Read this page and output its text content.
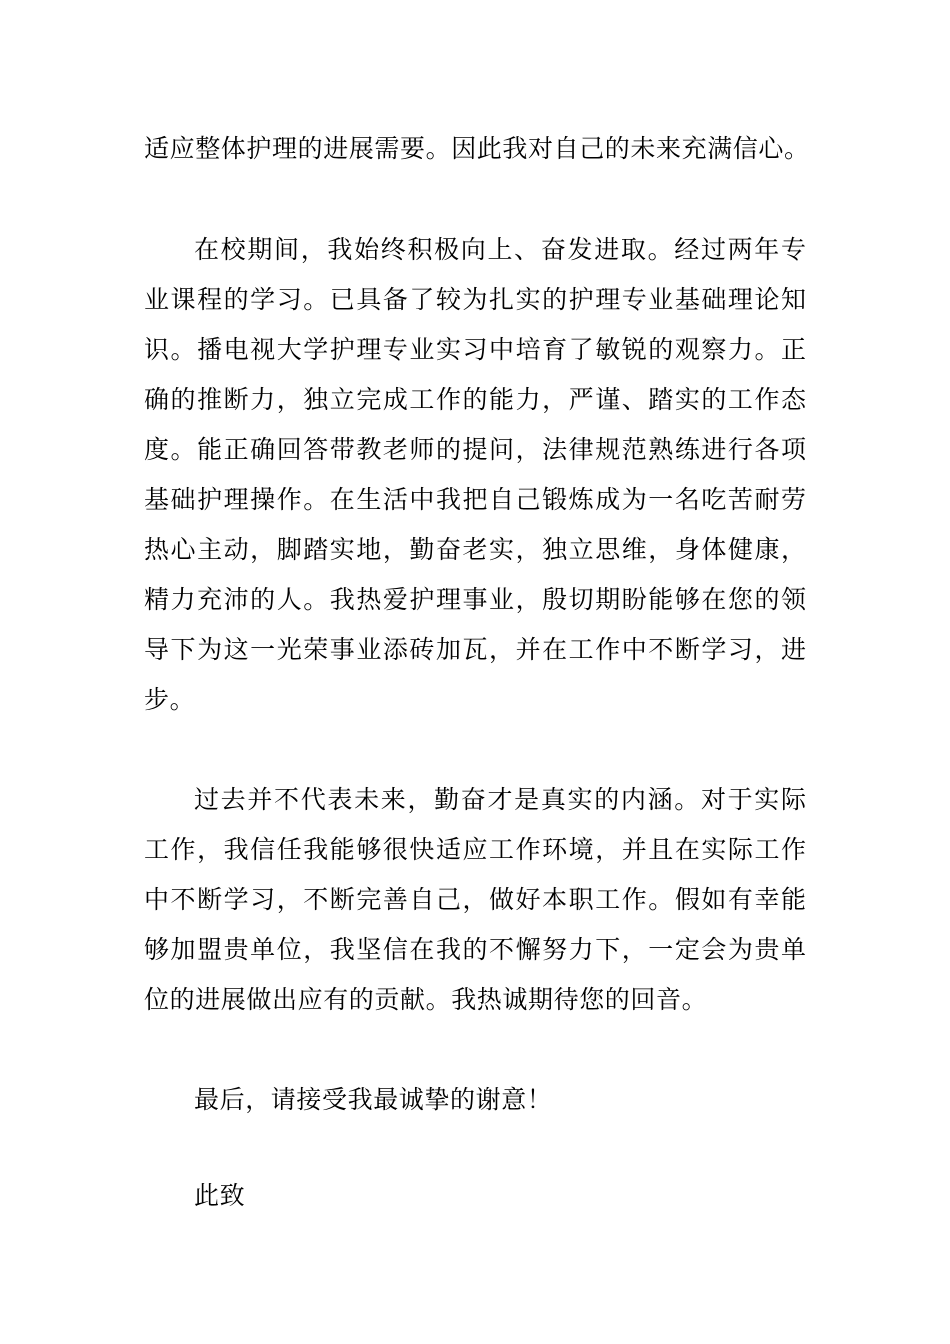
适应整体护理的进展需要。因此我对自己的未来充满信心。
在校期间，我始终积极向上、奋发进取。经过两年专
业课程的学习。已具备了较为扎实的护理专业基础理论知
识。播电视大学护理专业实习中培育了敏锐的观察力。正
确的推断力，独立完成工作的能力，严谨、踏实的工作态
度。能正确回答带教老师的提问，法律规范熟练进行各项
基础护理操作。在生活中我把自己锻炼成为一名吃苦耐劳
热心主动，脚踏实地，勤奋老实，独立思维，身体健康，
精力充沛的人。我热爱护理事业，殷切期盼能够在您的领
导下为这一光荣事业添砖加瓦，并在工作中不断学习，进
步。
过去并不代表未来，勤奋才是真实的内涵。对于实际
工作，我信任我能够很快适应工作环境，并且在实际工作
中不断学习，不断完善自己，做好本职工作。假如有幸能
够加盟贵单位，我坚信在我的不懈努力下，一定会为贵单
位的进展做出应有的贡献。我热诚期待您的回音。
最后，请接受我最诚挚的谢意！
此致
